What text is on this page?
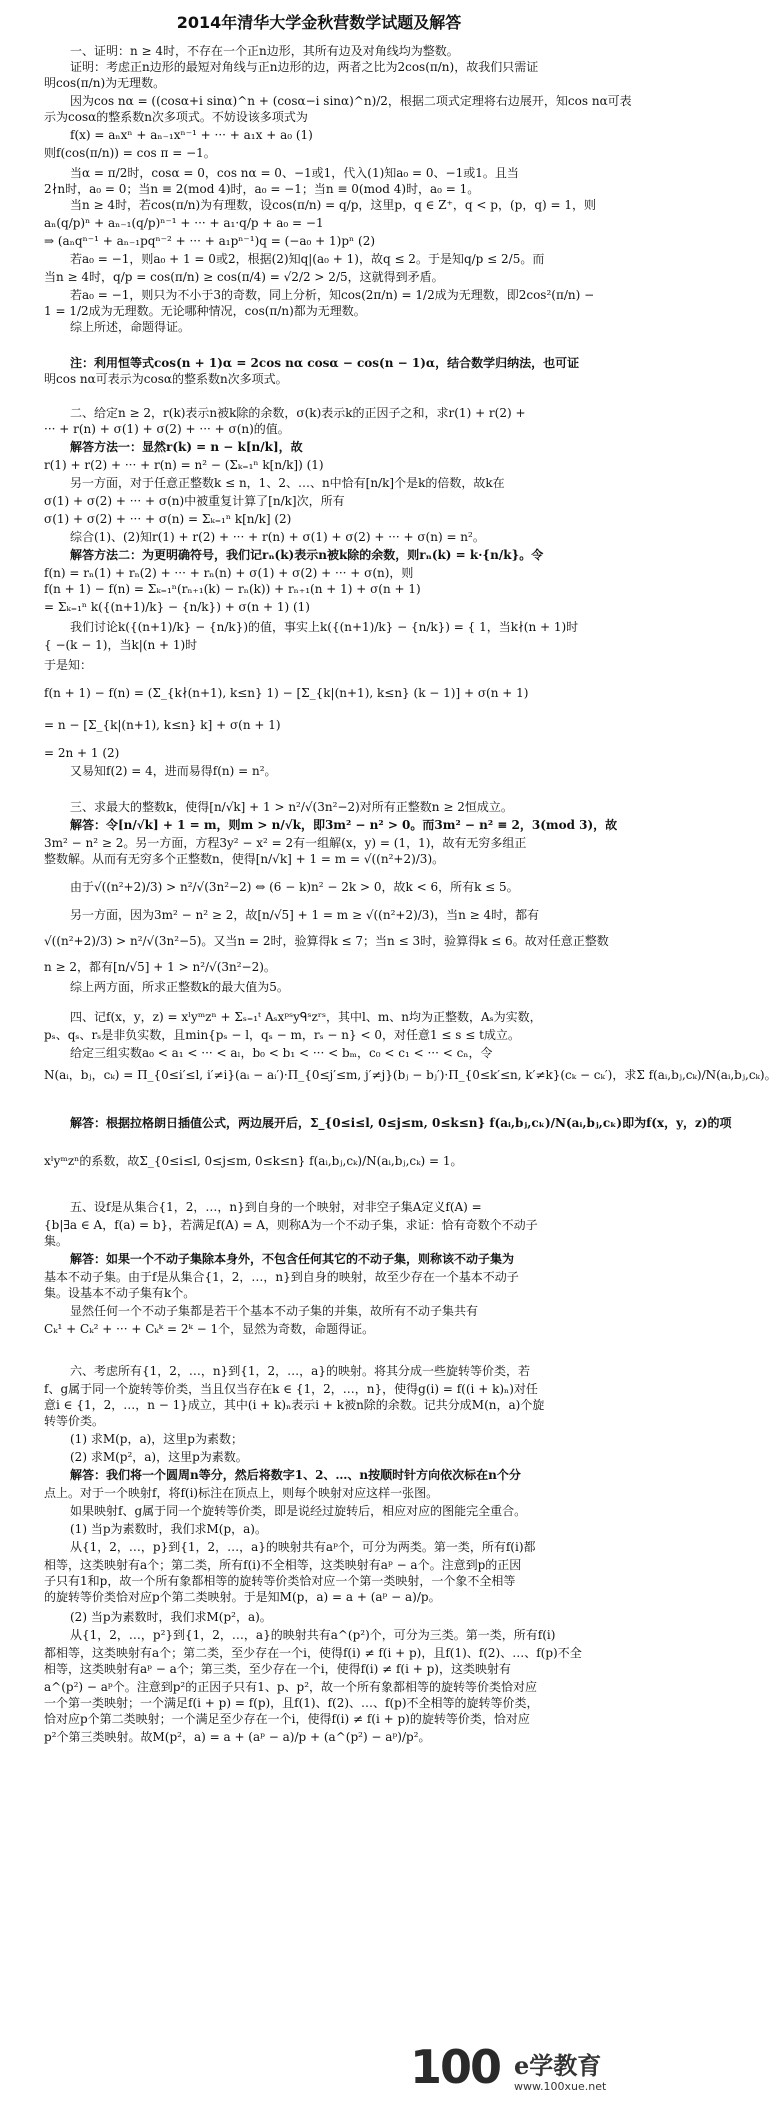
2014年清华大学金秋营数学试题及解答
一、证明：n ≥ 4时，不存在一个正n边形，其所有边及对角线均为整数。
证明：考虑正n边形的最短对角线与正n边形的边，两者之比为2cos(π/n)，故我们只需证
明cos(π/n)为无理数。
因为cos nα = ((cosα+i sinα)^n + (cosα−i sinα)^n)/2，根据二项式定理将右边展开，知cos nα可表
示为cosα的整系数n次多项式。不妨设该多项式为
f(x) = aₙxⁿ + aₙ₋₁xⁿ⁻¹ + ··· + a₁x + a₀ (1)
则f(cos(π/n)) = cos π = −1。
当α = π/2时，cosα = 0，cos nα = 0、−1或1，代入(1)知a₀ = 0、−1或1。且当
2∤n时，a₀ = 0；当n ≡ 2(mod 4)时，a₀ = −1；当n ≡ 0(mod 4)时，a₀ = 1。
当n ≥ 4时，若cos(π/n)为有理数，设cos(π/n) = q/p，这里p，q ∈ Z⁺，q < p，(p，q) = 1，则
aₙ(q/p)ⁿ + aₙ₋₁(q/p)ⁿ⁻¹ + ··· + a₁·q/p + a₀ = −1
⇒ (aₙqⁿ⁻¹ + aₙ₋₁pqⁿ⁻² + ··· + a₁pⁿ⁻¹)q = (−a₀ + 1)pⁿ (2)
若a₀ = −1，则a₀ + 1 = 0或2，根据(2)知q|(a₀ + 1)，故q ≤ 2。于是知q/p ≤ 2/5。而
当n ≥ 4时，q/p = cos(π/n) ≥ cos(π/4) = √2/2 > 2/5，这就得到矛盾。
若a₀ = −1，则只为不小于3的奇数，同上分析，知cos(2π/n) = 1/2成为无理数，即2cos²(π/n) −
1 = 1/2成为无理数。无论哪种情况，cos(π/n)都为无理数。
综上所述，命题得证。
注：利用恒等式cos(n + 1)α = 2cos nα cosα − cos(n − 1)α，结合数学归纳法，也可证
明cos nα可表示为cosα的整系数n次多项式。
二、给定n ≥ 2，r(k)表示n被k除的余数，σ(k)表示k的正因子之和，求r(1) + r(2) +
··· + r(n) + σ(1) + σ(2) + ··· + σ(n)的值。
解答方法一：显然r(k) = n − k[n/k]，故
r(1) + r(2) + ··· + r(n) = n² − (Σₖ₌₁ⁿ k[n/k]) (1)
另一方面，对于任意正整数k ≤ n，1、2、…、n中恰有[n/k]个是k的倍数，故k在
σ(1) + σ(2) + ··· + σ(n)中被重复计算了[n/k]次，所有
σ(1) + σ(2) + ··· + σ(n) = Σₖ₌₁ⁿ k[n/k] (2)
综合(1)、(2)知r(1) + r(2) + ··· + r(n) + σ(1) + σ(2) + ··· + σ(n) = n²。
解答方法二：为更明确符号，我们记rₙ(k)表示n被k除的余数，则rₙ(k) = k·{n/k}。令
f(n) = rₙ(1) + rₙ(2) + ··· + rₙ(n) + σ(1) + σ(2) + ··· + σ(n)，则
f(n + 1) − f(n) = Σₖ₌₁ⁿ(rₙ₊₁(k) − rₙ(k)) + rₙ₊₁(n + 1) + σ(n + 1)
= Σₖ₌₁ⁿ k({(n+1)/k} − {n/k}) + σ(n + 1) (1)
我们讨论k({(n+1)/k} − {n/k})的值，事实上k({(n+1)/k} − {n/k}) = { 1，当k∤(n + 1)时
{ −(k − 1)，当k|(n + 1)时
于是知：
f(n + 1) − f(n) = (Σ_{k∤(n+1), k≤n} 1) − [Σ_{k|(n+1), k≤n} (k − 1)] + σ(n + 1)
= n − [Σ_{k|(n+1), k≤n} k] + σ(n + 1)
= 2n + 1 (2)
又易知f(2) = 4，进而易得f(n) = n²。
三、求最大的整数k，使得[n/√k] + 1 > n²/√(3n²−2)对所有正整数n ≥ 2恒成立。
解答：令[n/√k] + 1 = m，则m > n/√k，即3m² − n² > 0。而3m² − n² ≡ 2，3(mod 3)，故
3m² − n² ≥ 2。另一方面，方程3y² − x² = 2有一组解(x，y) = (1，1)，故有无穷多组正
整数解。从而有无穷多个正整数n，使得[n/√k] + 1 = m = √((n²+2)/3)。
由于√((n²+2)/3) > n²/√(3n²−2) ⇔ (6 − k)n² − 2k > 0，故k < 6，所有k ≤ 5。
另一方面，因为3m² − n² ≥ 2，故[n/√5] + 1 = m ≥ √((n²+2)/3)，当n ≥ 4时，都有
√((n²+2)/3) > n²/√(3n²−5)。又当n = 2时，验算得k ≤ 7；当n ≤ 3时，验算得k ≤ 6。故对任意正整数
n ≥ 2，都有[n/√5] + 1 > n²/√(3n²−2)。
综上两方面，所求正整数k的最大值为5。
四、记f(x，y，z) = xˡyᵐzⁿ + Σₛ₌₁ᵗ Aₛxᵖˢyᑫˢzʳˢ，其中l、m、n均为正整数，Aₛ为实数，
pₛ、qₛ、rₛ是非负实数，且min{pₛ − l，qₛ − m，rₛ − n} < 0，对任意1 ≤ s ≤ t成立。
给定三组实数a₀ < a₁ < ··· < aₗ，b₀ < b₁ < ··· < bₘ，c₀ < c₁ < ··· < cₙ，令
N(aᵢ，bⱼ，cₖ) = Π_{0≤i′≤l, i′≠i}(aᵢ − aᵢ′)·Π_{0≤j′≤m, j′≠j}(bⱼ − bⱼ′)·Π_{0≤k′≤n, k′≠k}(cₖ − cₖ′)，求Σ f(aᵢ,bⱼ,cₖ)/N(aᵢ,bⱼ,cₖ)。
解答：根据拉格朗日插值公式，两边展开后，Σ_{0≤i≤l, 0≤j≤m, 0≤k≤n} f(aᵢ,bⱼ,cₖ)/N(aᵢ,bⱼ,cₖ)即为f(x，y，z)的项
xˡyᵐzⁿ的系数，故Σ_{0≤i≤l, 0≤j≤m, 0≤k≤n} f(aᵢ,bⱼ,cₖ)/N(aᵢ,bⱼ,cₖ) = 1。
五、设f是从集合{1，2，…，n}到自身的一个映射，对非空子集A定义f(A) =
{b|∃a ∈ A，f(a) = b}，若满足f(A) = A，则称A为一个不动子集，求证：恰有奇数个不动子
集。
解答：如果一个不动子集除本身外，不包含任何其它的不动子集，则称该不动子集为
基本不动子集。由于f是从集合{1，2，…，n}到自身的映射，故至少存在一个基本不动子
集。设基本不动子集有k个。
显然任何一个不动子集都是若干个基本不动子集的并集，故所有不动子集共有
Cₖ¹ + Cₖ² + ··· + Cₖᵏ = 2ᵏ − 1个，显然为奇数，命题得证。
六、考虑所有{1，2，…，n}到{1，2，…，a}的映射。将其分成一些旋转等价类，若
f、g属于同一个旋转等价类，当且仅当存在k ∈ {1，2，…，n}，使得g(i) = f((i + k)ₙ)对任
意i ∈ {1，2，…，n − 1}成立，其中(i + k)ₙ表示i + k被n除的余数。记共分成M(n，a)个旋
转等价类。
(1) 求M(p，a)，这里p为素数；
(2) 求M(p²，a)，这里p为素数。
解答：我们将一个圆周n等分，然后将数字1、2、…、n按顺时针方向依次标在n个分
点上。对于一个映射f，将f(i)标注在顶点上，则每个映射对应这样一张图。
如果映射f、g属于同一个旋转等价类，即是说经过旋转后，相应对应的图能完全重合。
(1) 当p为素数时，我们求M(p，a)。
从{1，2，…，p}到{1，2，…，a}的映射共有aᵖ个，可分为两类。第一类，所有f(i)都
相等，这类映射有a个；第二类，所有f(i)不全相等，这类映射有aᵖ − a个。注意到p的正因
子只有1和p，故一个所有象都相等的旋转等价类恰对应一个第一类映射，一个象不全相等
的旋转等价类恰对应p个第二类映射。于是知M(p，a) = a + (aᵖ − a)/p。
(2) 当p为素数时，我们求M(p²，a)。
从{1，2，…，p²}到{1，2，…，a}的映射共有a^(p²)个，可分为三类。第一类，所有f(i)
都相等，这类映射有a个；第二类，至少存在一个i，使得f(i) ≠ f(i + p)，且f(1)、f(2)、…、f(p)不全
相等，这类映射有aᵖ − a个；第三类，至少存在一个i，使得f(i) ≠ f(i + p)，这类映射有
a^(p²) − aᵖ个。注意到p²的正因子只有1、p、p²，故一个所有象都相等的旋转等价类恰对应
一个第一类映射；一个满足f(i + p) = f(p)，且f(1)、f(2)、…、f(p)不全相等的旋转等价类，
恰对应p个第二类映射；一个满足至少存在一个i，使得f(i) ≠ f(i + p)的旋转等价类，恰对应
p²个第三类映射。故M(p²，a) = a + (aᵖ − a)/p + (a^(p²) − aᵖ)/p²。
100 e学教育
www.100xue.net
